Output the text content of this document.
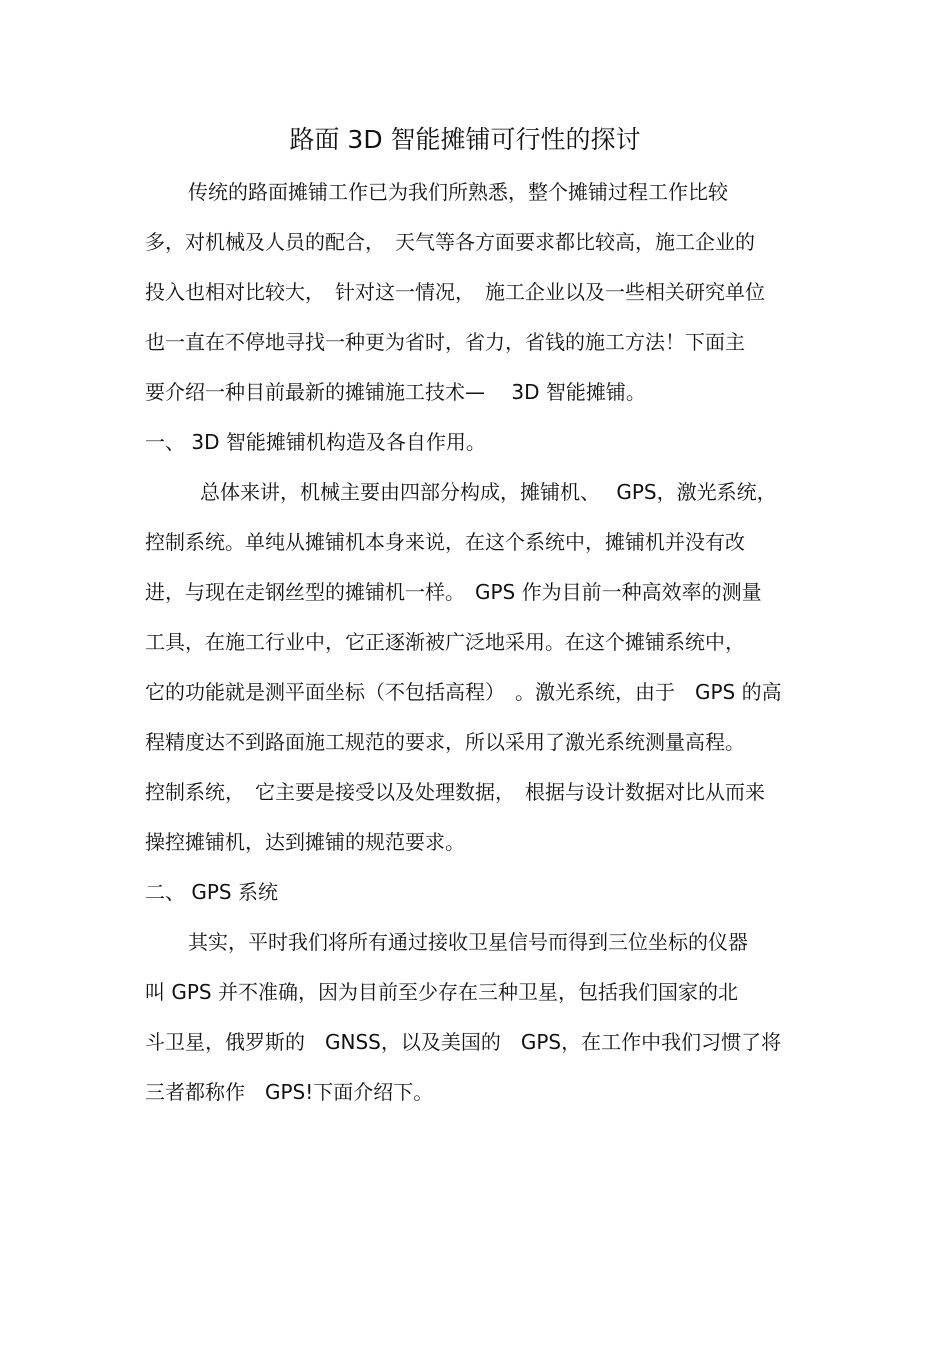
路面 3D 智能摊铺可行性的探讨
传统的路面摊铺工作已为我们所熟悉，整个摊铺过程工作比较
多，对机械及人员的配合，　天气等各方面要求都比较高，施工企业的
投入也相对比较大，　针对这一情况，　施工企业以及一些相关研究单位
也一直在不停地寻找一种更为省时，省力，省钱的施工方法！下面主
要介绍一种目前最新的摊铺施工技术—　 3D 智能摊铺。
一、 3D 智能摊铺机构造及各自作用。
总体来讲，机械主要由四部分构成，摊铺机、　 GPS，激光系统，
控制系统。单纯从摊铺机本身来说，在这个系统中，摊铺机并没有改
进，与现在走钢丝型的摊铺机一样。　GPS 作为目前一种高效率的测量
工具，在施工行业中，它正逐渐被广泛地采用。在这个摊铺系统中，
它的功能就是测平面坐标（不包括高程）　。激光系统，由于　GPS 的高
程精度达不到路面施工规范的要求，所以采用了激光系统测量高程。
控制系统，　它主要是接受以及处理数据，　根据与设计数据对比从而来
操控摊铺机，达到摊铺的规范要求。
二、 GPS 系统
其实，平时我们将所有通过接收卫星信号而得到三位坐标的仪器
叫 GPS 并不准确，因为目前至少存在三种卫星，包括我们国家的北
斗卫星，俄罗斯的　GNSS，以及美国的　GPS，在工作中我们习惯了将
三者都称作　GPS!下面介绍下。
